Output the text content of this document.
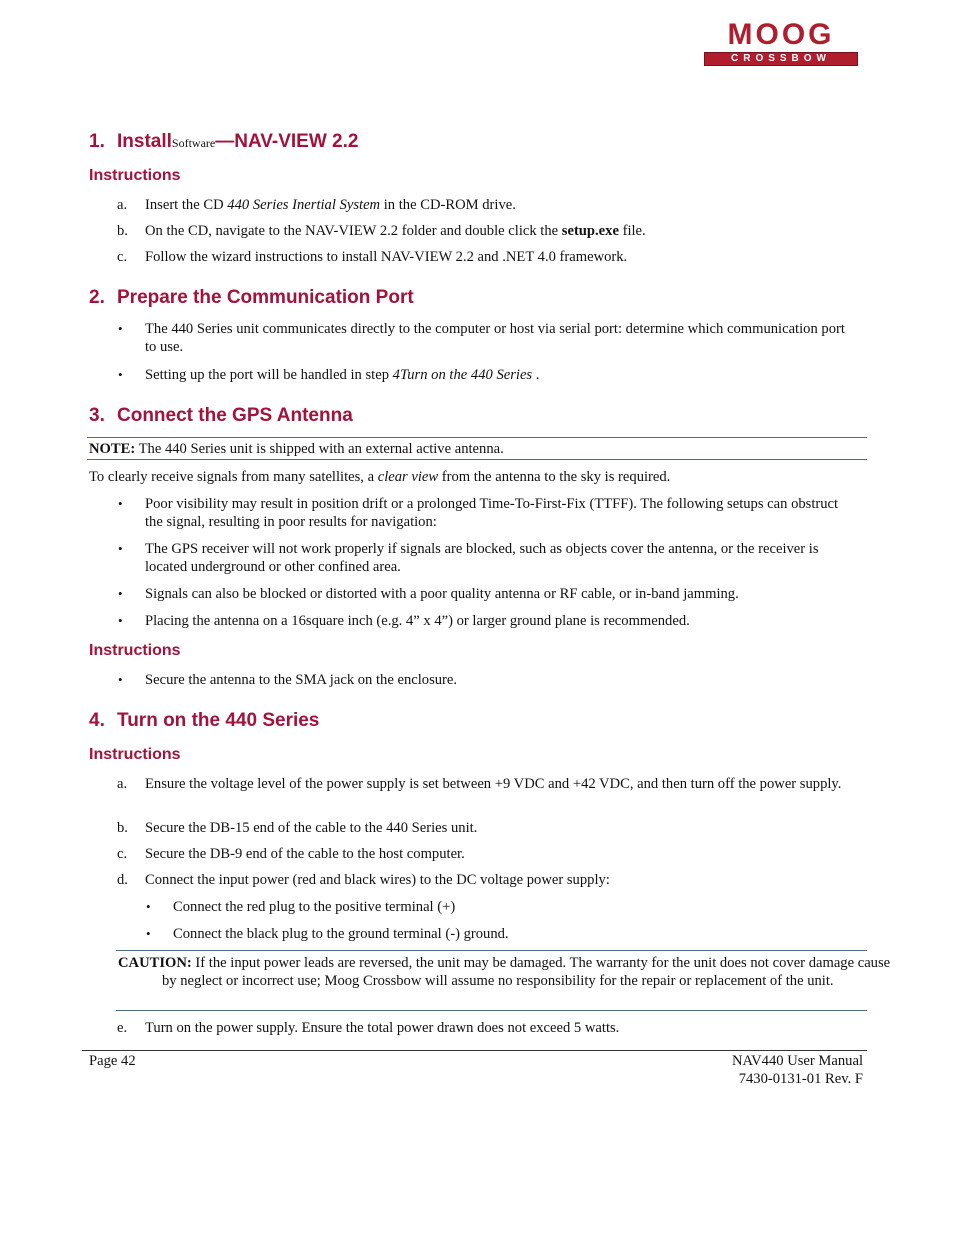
MOOG
CROSSBOW
1. InstallSoftware—NAV-VIEW 2.2
Instructions
a. Insert the CD 440 Series Inertial System in the CD-ROM drive.
b. On the CD, navigate to the NAV-VIEW 2.2 folder and double click the setup.exe file.
c. Follow the wizard instructions to install NAV-VIEW 2.2 and .NET 4.0 framework.
2. Prepare the Communication Port
• The 440 Series unit communicates directly to the computer or host via serial port: determine which communication port to use.
• Setting up the port will be handled in step 4Turn on the 440 Series .
3. Connect the GPS Antenna
NOTE: The 440 Series unit is shipped with an external active antenna.
To clearly receive signals from many satellites, a clear view from the antenna to the sky is required.
• Poor visibility may result in position drift or a prolonged Time-To-First-Fix (TTFF). The following setups can obstruct the signal, resulting in poor results for navigation:
• The GPS receiver will not work properly if signals are blocked, such as objects cover the antenna, or the receiver is located underground or other confined area.
• Signals can also be blocked or distorted with a poor quality antenna or RF cable, or in-band jamming.
• Placing the antenna on a 16square inch (e.g. 4” x 4”) or larger ground plane is recommended.
Instructions
• Secure the antenna to the SMA jack on the enclosure.
4. Turn on the 440 Series
Instructions
a. Ensure the voltage level of the power supply is set between +9 VDC and +42 VDC, and then turn off the power supply.
b. Secure the DB-15 end of the cable to the 440 Series unit.
c. Secure the DB-9 end of the cable to the host computer.
d. Connect the input power (red and black wires) to the DC voltage power supply:
• Connect the red plug to the positive terminal (+)
• Connect the black plug to the ground terminal (-) ground.
CAUTION: If the input power leads are reversed, the unit may be damaged. The warranty for the unit does not cover damage cause by neglect or incorrect use; Moog Crossbow will assume no responsibility for the repair or replacement of the unit.
e. Turn on the power supply. Ensure the total power drawn does not exceed 5 watts.
Page 42	NAV440 User Manual
7430-0131-01 Rev. F
